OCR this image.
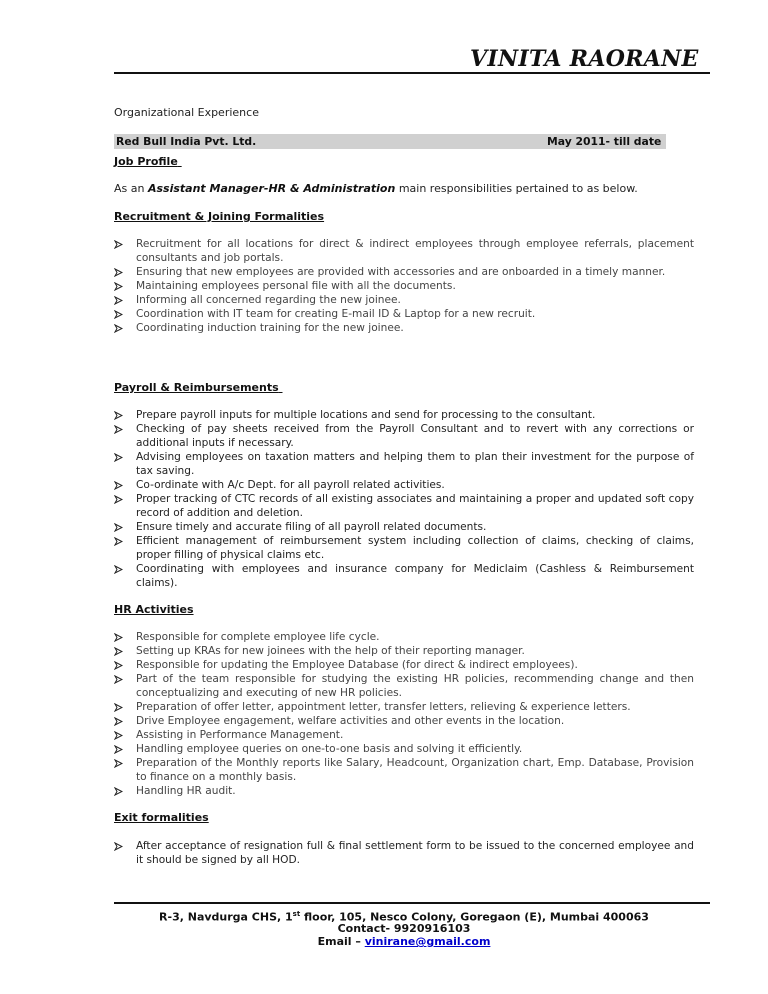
VINITA RAORANE
Organizational Experience
Red Bull India Pvt. Ltd.	May 2011- till date
Job Profile
As an Assistant Manager-HR & Administration main responsibilities pertained to as below.
Recruitment & Joining Formalities
Recruitment for all locations for direct & indirect employees through employee referrals, placement consultants and job portals.
Ensuring that new employees are provided with accessories and are onboarded in a timely manner.
Maintaining employees personal file with all the documents.
Informing all concerned regarding the new joinee.
Coordination with IT team for creating E-mail ID & Laptop for a new recruit.
Coordinating induction training for the new joinee.
Payroll & Reimbursements
Prepare payroll inputs for multiple locations and send for processing to the consultant.
Checking of pay sheets received from the Payroll Consultant and to revert with any corrections or additional inputs if necessary.
Advising employees on taxation matters and helping them to plan their investment for the purpose of tax saving.
Co-ordinate with A/c Dept. for all payroll related activities.
Proper tracking of CTC records of all existing associates and maintaining a proper and updated soft copy record of addition and deletion.
Ensure timely and accurate filing of all payroll related documents.
Efficient management of reimbursement system including collection of claims, checking of claims, proper filling of physical claims etc.
Coordinating with employees and insurance company for Mediclaim (Cashless & Reimbursement claims).
HR Activities
Responsible for complete employee life cycle.
Setting up KRAs for new joinees with the help of their reporting manager.
Responsible for updating the Employee Database (for direct & indirect employees).
Part of the team responsible for studying the existing HR policies, recommending change and then conceptualizing and executing of new HR policies.
Preparation of offer letter, appointment letter, transfer letters, relieving & experience letters.
Drive Employee engagement, welfare activities and other events in the location.
Assisting in Performance Management.
Handling employee queries on one-to-one basis and solving it efficiently.
Preparation of the Monthly reports like Salary, Headcount, Organization chart, Emp. Database, Provision to finance on a monthly basis.
Handling HR audit.
Exit formalities
After acceptance of resignation full & final settlement form to be issued to the concerned employee and it should be signed by all HOD.
R-3, Navdurga CHS, 1st floor, 105, Nesco Colony, Goregaon (E), Mumbai 400063
Contact- 9920916103
Email – vinirane@gmail.com
